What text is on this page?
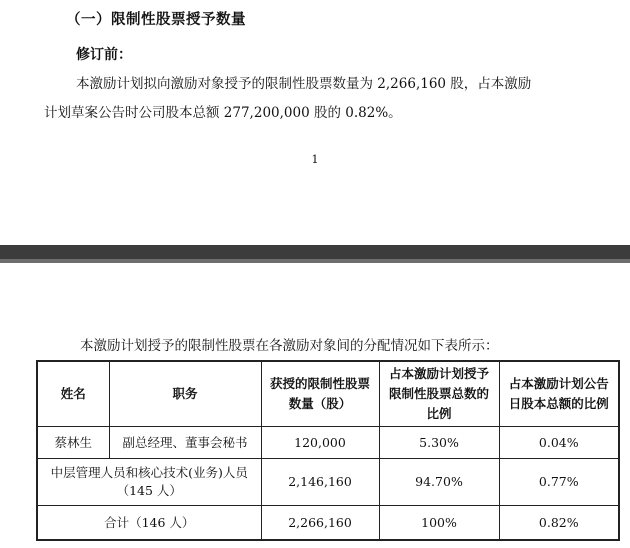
（一）限制性股票授予数量
修订前：

本激励计划拟向激励对象授予的限制性股票数量为 2,266,160 股，占本激励
计划草案公告时公司股本总额 277,200,000 股的 0.82%。

1
本激励计划授予的限制性股票在各激励对象间的分配情况如下表所示：
姓名	职务	获授的限制性股票数量（股）	占本激励计划授予限制性股票总数的比例	占本激励计划公告日股本总额的比例
蔡林生	副总经理、董事会秘书	120,000	5.30%	0.04%
中层管理人员和核心技术(业务)人员（145 人）		2,146,160	94.70%	0.77%
合计（146 人）		2,266,160	100%	0.82%
